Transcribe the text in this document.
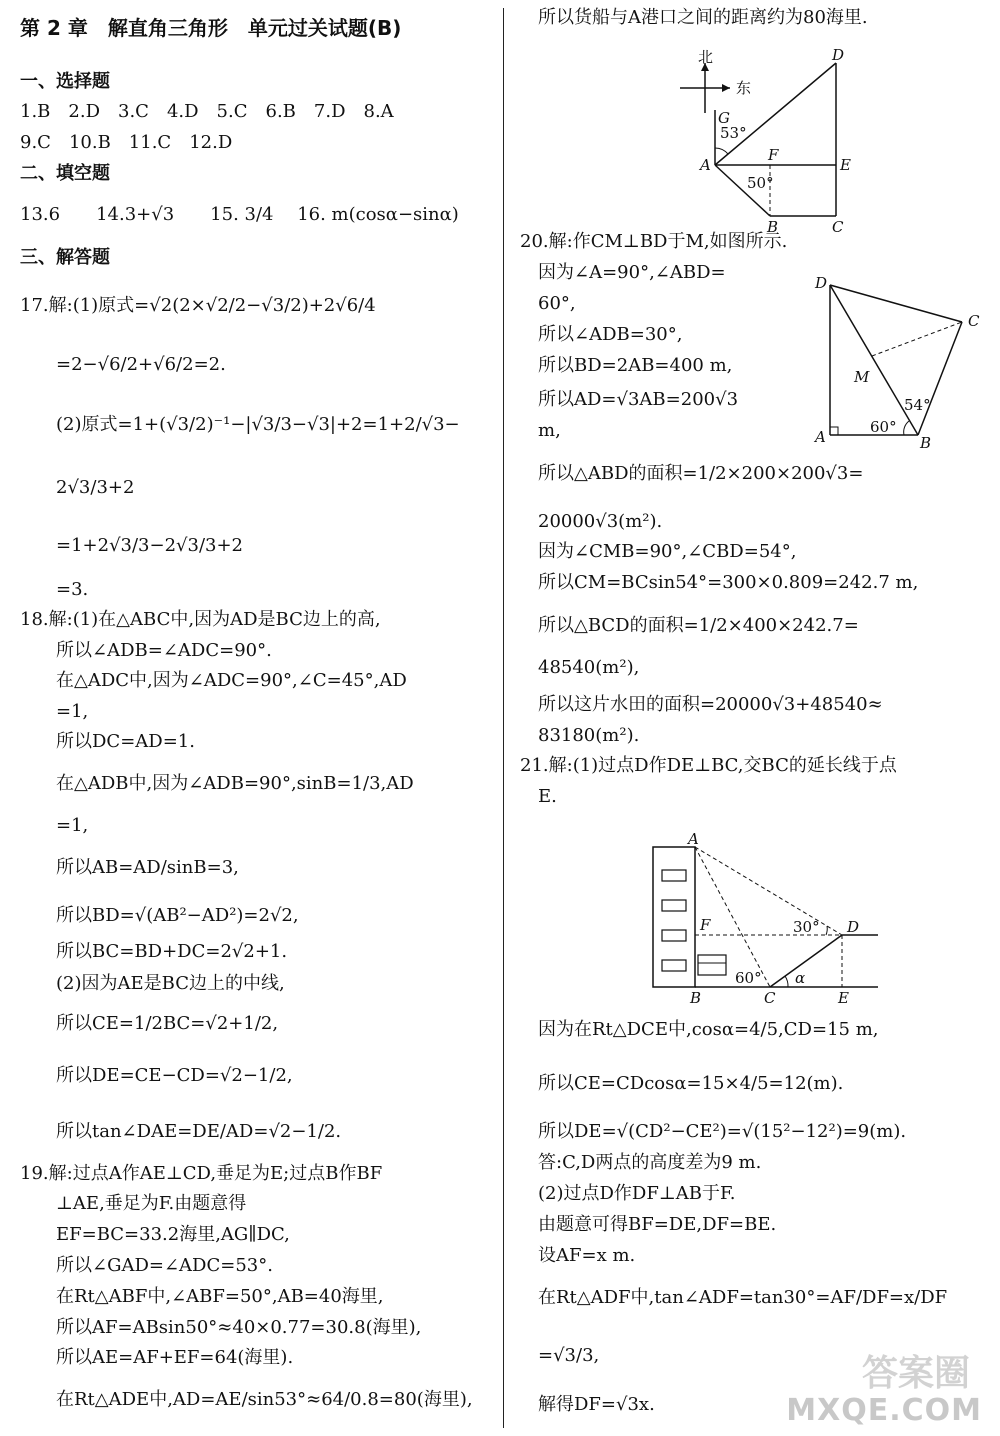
第 2 章　解直角三角形　单元过关试题(B)
一、选择题
1.B　2.D　3.C　4.D　5.C　6.B　7.D　8.A
9.C　10.B　11.C　12.D
二、填空题
13.6　　14.3+√3　　15. 3/4　 16. m(cosα−sinα)
三、解答题
17.解:(1)原式=√2(2×√2/2−√3/2)+2√6/4
　　=2−√6/2+√6/2=2.
　　(2)原式=1+(√3/2)⁻¹−|√3/3−√3|+2=1+2/√3−
　　2√3/3+2
　　=1+2√3/3−2√3/3+2
　　=3.
18.解:(1)在△ABC中,因为AD是BC边上的高,
　　所以∠ADB=∠ADC=90°.
　　在△ADC中,因为∠ADC=90°,∠C=45°,AD
　　=1,
　　所以DC=AD=1.
　　在△ADB中,因为∠ADB=90°,sinB=1/3,AD
　　=1,
　　所以AB=AD/sinB=3,
　　所以BD=√(AB²−AD²)=2√2,
　　所以BC=BD+DC=2√2+1.
　　(2)因为AE是BC边上的中线,
　　所以CE=1/2BC=√2+1/2,
　　所以DE=CE−CD=√2−1/2,
　　所以tan∠DAE=DE/AD=√2−1/2.
19.解:过点A作AE⊥CD,垂足为E;过点B作BF
　　⊥AE,垂足为F.由题意得
　　EF=BC=33.2海里,AG∥DC,
　　所以∠GAD=∠ADC=53°.
　　在Rt△ABF中,∠ABF=50°,AB=40海里,
　　所以AF=ABsin50°≈40×0.77=30.8(海里),
　　所以AE=AF+EF=64(海里).
　　在Rt△ADE中,AD=AE/sin53°≈64/0.8=80(海里),
　所以货船与A港口之间的距离约为80海里.
20.解:作CM⊥BD于M,如图所示.
　因为∠A=90°,∠ABD=
　60°,
　所以∠ADB=30°,
　所以BD=2AB=400 m,
　所以AD=√3AB=200√3
　m,
　所以△ABD的面积=1/2×200×200√3=
　20000√3(m²).
　因为∠CMB=90°,∠CBD=54°,
　所以CM=BCsin54°=300×0.809=242.7 m,
　所以△BCD的面积=1/2×400×242.7=
　48540(m²),
　所以这片水田的面积=20000√3+48540≈
　83180(m²).
21.解:(1)过点D作DE⊥BC,交BC的延长线于点
　E.
　因为在Rt△DCE中,cosα=4/5,CD=15 m,
　所以CE=CDcosα=15×4/5=12(m).
　所以DE=√(CD²−CE²)=√(15²−12²)=9(m).
　答:C,D两点的高度差为9 m.
　(2)过点D作DF⊥AB于F.
　由题意可得BF=DE,DF=BE.
　设AF=x m.
　在Rt△ADF中,tan∠ADF=tan30°=AF/DF=x/DF
　=√3/3,
　解得DF=√3x.
北
东
G
53°
A
F
E
D
50°
B	C
D
C
M
54°
60°
A	B
A
F	30° D
60° α
B	C	E
答案圈
MXQE.COM
